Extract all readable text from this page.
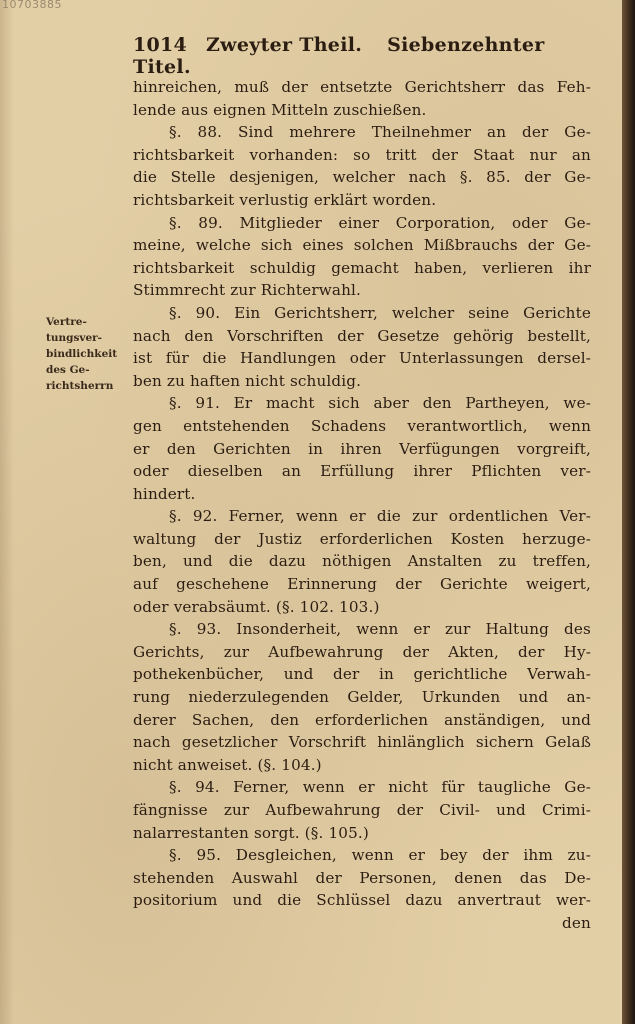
10703885
1014 Zweyter Theil. Siebenzehnter Titel.
Vertre-
tungsver-
bindlichkeit
des Ge-
richtsherrn
hinreichen, muß der entsetzte Gerichtsherr das Feh-
lende aus eignen Mitteln zuschießen.
§. 88. Sind mehrere Theilnehmer an der Ge-
richtsbarkeit vorhanden: so tritt der Staat nur an
die Stelle desjenigen, welcher nach §. 85. der Ge-
richtsbarkeit verlustig erklärt worden.
§. 89. Mitglieder einer Corporation, oder Ge-
meine, welche sich eines solchen Mißbrauchs der Ge-
richtsbarkeit schuldig gemacht haben, verlieren ihr
Stimmrecht zur Richterwahl.
§. 90. Ein Gerichtsherr, welcher seine Gerichte
nach den Vorschriften der Gesetze gehörig bestellt,
ist für die Handlungen oder Unterlassungen dersel-
ben zu haften nicht schuldig.
§. 91. Er macht sich aber den Partheyen, we-
gen entstehenden Schadens verantwortlich, wenn
er den Gerichten in ihren Verfügungen vorgreift,
oder dieselben an Erfüllung ihrer Pflichten ver-
hindert.
§. 92. Ferner, wenn er die zur ordentlichen Ver-
waltung der Justiz erforderlichen Kosten herzuge-
ben, und die dazu nöthigen Anstalten zu treffen,
auf geschehene Erinnerung der Gerichte weigert,
oder verabsäumt. (§. 102. 103.)
§. 93. Insonderheit, wenn er zur Haltung des
Gerichts, zur Aufbewahrung der Akten, der Hy-
pothekenbücher, und der in gerichtliche Verwah-
rung niederzulegenden Gelder, Urkunden und an-
derer Sachen, den erforderlichen anständigen, und
nach gesetzlicher Vorschrift hinlänglich sichern Gelaß
nicht anweiset. (§. 104.)
§. 94. Ferner, wenn er nicht für taugliche Ge-
fängnisse zur Aufbewahrung der Civil- und Crimi-
nalarrestanten sorgt. (§. 105.)
§. 95. Desgleichen, wenn er bey der ihm zu-
stehenden Auswahl der Personen, denen das De-
positorium und die Schlüssel dazu anvertraut wer-
den
